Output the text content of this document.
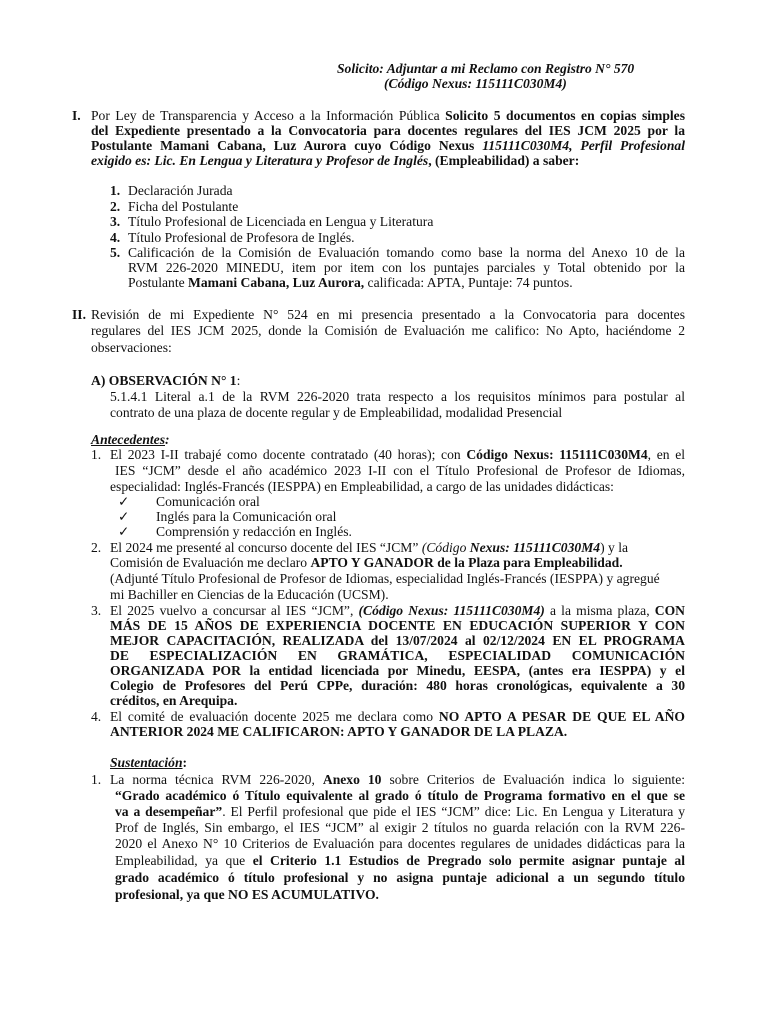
Solicito: Adjuntar a mi Reclamo con Registro N° 570
(Código Nexus: 115111C030M4)
I. Por Ley de Transparencia y Acceso a la Información Pública Solicito 5 documentos en copias simples
del Expediente presentado a la Convocatoria para docentes regulares del IES JCM 2025 por la
Postulante Mamani Cabana, Luz Aurora cuyo Código Nexus 115111C030M4, Perfil Profesional
exigido es: Lic. En Lengua y Literatura y Profesor de Inglés, (Empleabilidad) a saber:
1. Declaración Jurada
2. Ficha del Postulante
3. Título Profesional de Licenciada en Lengua y Literatura
4. Título Profesional de Profesora de Inglés.
5. Calificación de la Comisión de Evaluación tomando como base la norma del Anexo 10 de la
RVM 226-2020 MINEDU, item por item con los puntajes parciales y Total obtenido por la
Postulante Mamani Cabana, Luz Aurora, calificada: APTA, Puntaje: 74 puntos.
II. Revisión de mi Expediente N° 524 en mi presencia presentado a la Convocatoria para docentes
regulares del IES JCM 2025, donde la Comisión de Evaluación me califico: No Apto, haciéndome 2
observaciones:
A) OBSERVACIÓN N° 1:
5.1.4.1 Literal a.1 de la RVM 226-2020 trata respecto a los requisitos mínimos para postular al
contrato de una plaza de docente regular y de Empleabilidad, modalidad Presencial
Antecedentes:
1. El 2023 I-II trabajé como docente contratado (40 horas); con Código Nexus: 115111C030M4, en el
IES “JCM” desde el año académico 2023 I-II con el Título Profesional de Profesor de Idiomas,
especialidad: Inglés-Francés (IESPPA) en Empleabilidad, a cargo de las unidades didácticas:
✓ Comunicación oral
✓ Inglés para la Comunicación oral
✓ Comprensión y redacción en Inglés.
2. El 2024 me presenté al concurso docente del IES “JCM” (Código Nexus: 115111C030M4) y la
Comisión de Evaluación me declaro APTO Y GANADOR de la Plaza para Empleabilidad.
(Adjunté Título Profesional de Profesor de Idiomas, especialidad Inglés-Francés (IESPPA) y agregué
mi Bachiller en Ciencias de la Educación (UCSM).
3. El 2025 vuelvo a concursar al IES “JCM”, (Código Nexus: 115111C030M4) a la misma plaza, CON
MÁS DE 15 AÑOS DE EXPERIENCIA DOCENTE EN EDUCACIÓN SUPERIOR Y CON
MEJOR CAPACITACIÓN, REALIZADA del 13/07/2024 al 02/12/2024 EN EL PROGRAMA
DE ESPECIALIZACIÓN EN GRAMÁTICA, ESPECIALIDAD COMUNICACIÓN
ORGANIZADA POR la entidad licenciada por Minedu, EESPA, (antes era IESPPA) y el
Colegio de Profesores del Perú CPPe, duración: 480 horas cronológicas, equivalente a 30
créditos, en Arequipa.
4. El comité de evaluación docente 2025 me declara como NO APTO A PESAR DE QUE EL AÑO
ANTERIOR 2024 ME CALIFICARON: APTO Y GANADOR DE LA PLAZA.
Sustentación:
1. La norma técnica RVM 226-2020, Anexo 10 sobre Criterios de Evaluación indica lo siguiente:
“Grado académico ó Título equivalente al grado ó título de Programa formativo en el que se
va a desempeñar”. El Perfil profesional que pide el IES “JCM” dice: Lic. En Lengua y Literatura y
Prof de Inglés, Sin embargo, el IES “JCM” al exigir 2 títulos no guarda relación con la RVM 226-
2020 el Anexo N° 10 Criterios de Evaluación para docentes regulares de unidades didácticas para la
Empleabilidad, ya que el Criterio 1.1 Estudios de Pregrado solo permite asignar puntaje al
grado académico ó título profesional y no asigna puntaje adicional a un segundo título
profesional, ya que NO ES ACUMULATIVO.
